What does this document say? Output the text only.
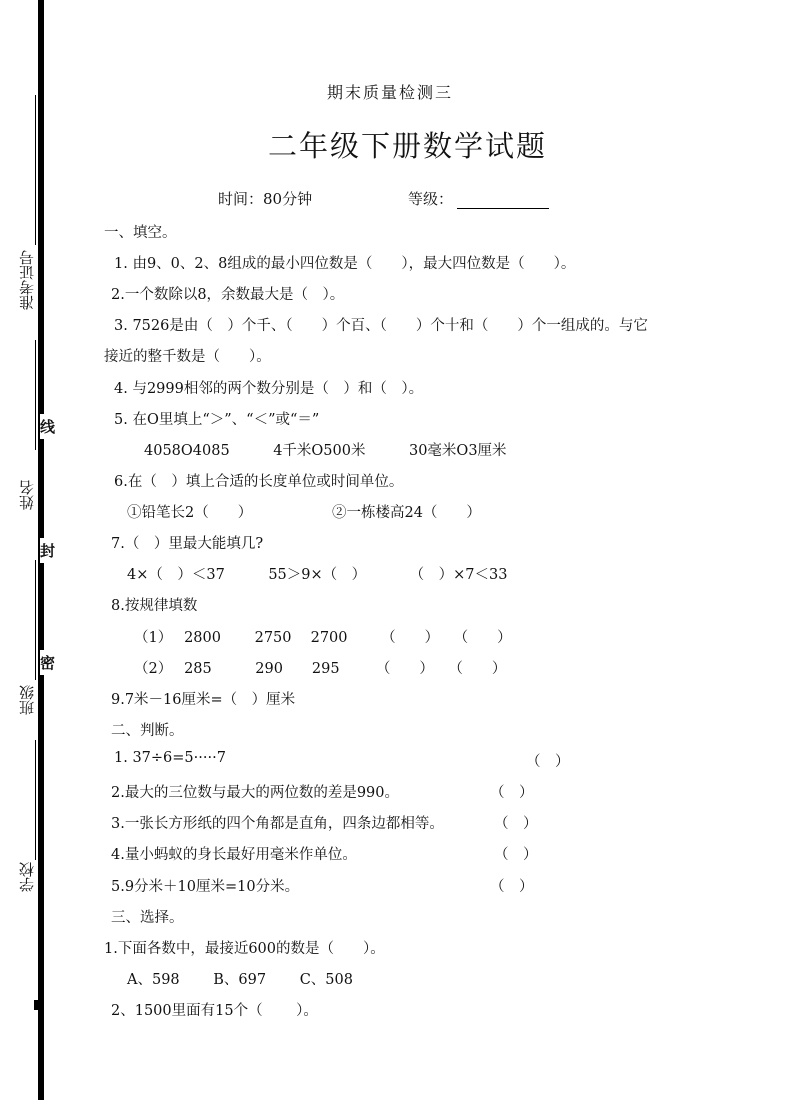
准考证号
姓名
班级
学校
线
封
密
期末质量检测三
二年级下册数学试题
时间：80分钟	等级：
一、填空。
1. 由9、0、2、8组成的最小四位数是（　　），最大四位数是（　　）。
2.一个数除以8，余数最大是（　）。
3. 7526是由（　）个千、（　　）个百、（　　）个十和（　　）个一组成的。与它
接近的整千数是（　　）。
4. 与2999相邻的两个数分别是（　）和（　）。
5. 在O里填上“＞”、“＜”或“＝”
4058O4085　　　4千米O500米　　　30毫米O3厘米
6.在（　）填上合适的长度单位或时间单位。
①铅笔长2（　　）　　　　　　②一栋楼高24（　　）
7.（　）里最大能填几?
4×（　）＜37　　　55＞9×（　）　　　　（　）×7＜33
8.按规律填数
（1）　 2800　　 2750　 2700　　 （　　）　　（　　）
（2）　 285　　　290　　295　　　（　　）　　（　　）
9.7米－16厘米=（　）厘米
二、判断。
1. 37÷6=5·····7	（　）
2.最大的三位数与最大的两位数的差是990。	（　）
3.一张长方形纸的四个角都是直角，四条边都相等。	（　）
4.量小蚂蚁的身长最好用毫米作单位。	（　）
5.9分米＋10厘米=10分米。	（　）
三、选择。
1.下面各数中，最接近600的数是（　　）。
A、598　　 B、697　　 C、508
2、1500里面有15个（　　 ）。
